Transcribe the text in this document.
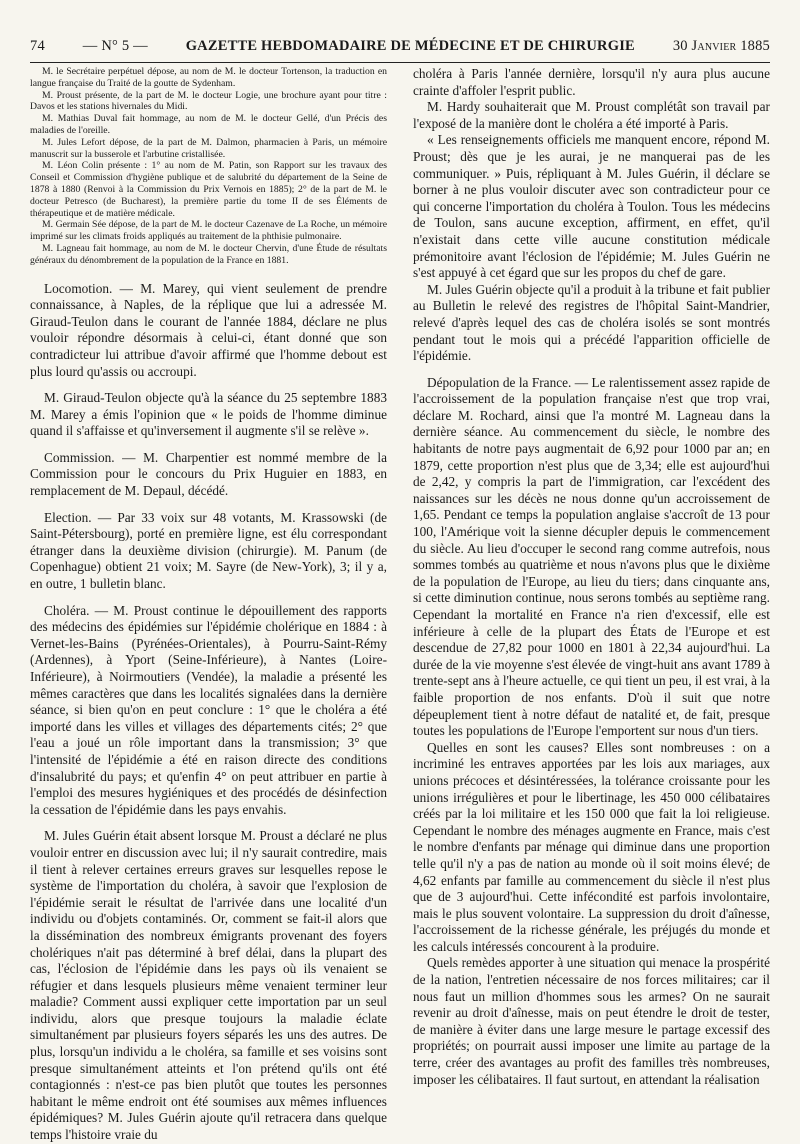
74	— N° 5 —	GAZETTE HEBDOMADAIRE DE MÉDECINE ET DE CHIRURGIE	30 Janvier 1885

M. le Secrétaire perpétuel dépose, au nom de M. le docteur Tortenson, la traduction en langue française du Traité de la goutte de Sydenham.

M. Proust présente, de la part de M. le docteur Logie, une brochure ayant pour titre : Davos et les stations hivernales du Midi.

M. Mathias Duval fait hommage, au nom de M. le docteur Gellé, d'un Précis des maladies de l'oreille.

M. Jules Lefort dépose, de la part de M. Dalmon, pharmacien à Paris, un mémoire manuscrit sur la busserole et l'arbutine cristallisée.

M. Léon Colin présente : 1° au nom de M. Patin, son Rapport sur les travaux des Conseil et Commission d'hygiène publique et de salubrité du département de la Seine de 1878 à 1880 (Renvoi à la Commission du Prix Vernois en 1885); 2° de la part de M. le docteur Petresco (de Bucharest), la première partie du tome II de ses Éléments de thérapeutique et de matière médicale.

M. Germain Sée dépose, de la part de M. le docteur Cazenave de La Roche, un mémoire imprimé sur les climats froids appliqués au traitement de la phthisie pulmonaire.

M. Lagneau fait hommage, au nom de M. le docteur Chervin, d'une Étude de résultats généraux du dénombrement de la population de la France en 1881.

Locomotion. — M. Marey, qui vient seulement de prendre connaissance, à Naples, de la réplique que lui a adressée M. Giraud-Teulon dans le courant de l'année 1884, déclare ne plus vouloir répondre désormais à celui-ci, étant donné que son contradicteur lui attribue d'avoir affirmé que l'homme debout est plus lourd qu'assis ou accroupi.

M. Giraud-Teulon objecte qu'à la séance du 25 septembre 1883 M. Marey a émis l'opinion que « le poids de l'homme diminue quand il s'affaisse et qu'inversement il augmente s'il se relève ».

Commission. — M. Charpentier est nommé membre de la Commission pour le concours du Prix Huguier en 1883, en remplacement de M. Depaul, décédé.

Election. — Par 33 voix sur 48 votants, M. Krassowski (de Saint-Pétersbourg), porté en première ligne, est élu correspondant étranger dans la deuxième division (chirurgie). M. Panum (de Copenhague) obtient 21 voix; M. Sayre (de New-York), 3; il y a, en outre, 1 bulletin blanc.

Choléra. — M. Proust continue le dépouillement des rapports des médecins des épidémies sur l'épidémie cholérique en 1884 : à Vernet-les-Bains (Pyrénées-Orientales), à Pourru-Saint-Rémy (Ardennes), à Yport (Seine-Inférieure), à Nantes (Loire-Inférieure), à Noirmoutiers (Vendée), la maladie a présenté les mêmes caractères que dans les localités signalées dans la dernière séance, si bien qu'on en peut conclure : 1° que le choléra a été importé dans les villes et villages des départements cités; 2° que l'eau a joué un rôle important dans la transmission; 3° que l'intensité de l'épidémie a été en raison directe des conditions d'insalubrité du pays; et qu'enfin 4° on peut attribuer en partie à l'emploi des mesures hygiéniques et des procédés de désinfection la cessation de l'épidémie dans les pays envahis.

M. Jules Guérin était absent lorsque M. Proust a déclaré ne plus vouloir entrer en discussion avec lui; il n'y saurait contredire, mais il tient à relever certaines erreurs graves sur lesquelles repose le système de l'importation du choléra, à savoir que l'explosion de l'épidémie serait le résultat de l'arrivée dans une localité d'un individu ou d'objets contaminés. Or, comment se fait-il alors que la dissémination des nombreux émigrants provenant des foyers cholériques n'ait pas déterminé à bref délai, dans la plupart des cas, l'éclosion de l'épidémie dans les pays où ils venaient se réfugier et dans lesquels plusieurs même venaient terminer leur maladie? Comment aussi expliquer cette importation par un seul individu, alors que presque toujours la maladie éclate simultanément par plusieurs foyers séparés les uns des autres. De plus, lorsqu'un individu a le choléra, sa famille et ses voisins sont presque simultanément atteints et l'on prétend qu'ils ont été contagionnés : n'est-ce pas bien plutôt que toutes les personnes habitant le même endroit ont été soumises aux mêmes influences épidémiques? M. Jules Guérin ajoute qu'il retracera dans quelque temps l'histoire vraie du

choléra à Paris l'année dernière, lorsqu'il n'y aura plus aucune crainte d'affoler l'esprit public.

M. Hardy souhaiterait que M. Proust complétât son travail par l'exposé de la manière dont le choléra a été importé à Paris.

« Les renseignements officiels me manquent encore, répond M. Proust; dès que je les aurai, je ne manquerai pas de les communiquer. » Puis, répliquant à M. Jules Guérin, il déclare se borner à ne plus vouloir discuter avec son contradicteur pour ce qui concerne l'importation du choléra à Toulon. Tous les médecins de Toulon, sans aucune exception, affirment, en effet, qu'il n'existait dans cette ville aucune constitution médicale prémonitoire avant l'éclosion de l'épidémie; M. Jules Guérin ne s'est appuyé à cet égard que sur les propos du chef de gare.

M. Jules Guérin objecte qu'il a produit à la tribune et fait publier au Bulletin le relevé des registres de l'hôpital Saint-Mandrier, relevé d'après lequel des cas de choléra isolés se sont montrés pendant tout le mois qui a précédé l'apparition officielle de l'épidémie.

Dépopulation de la France. — Le ralentissement assez rapide de l'accroissement de la population française n'est que trop vrai, déclare M. Rochard, ainsi que l'a montré M. Lagneau dans la dernière séance. Au commencement du siècle, le nombre des habitants de notre pays augmentait de 6,92 pour 1000 par an; en 1879, cette proportion n'est plus que de 3,34; elle est aujourd'hui de 2,42, y compris la part de l'immigration, car l'excédent des naissances sur les décès ne nous donne qu'un accroissement de 1,65. Pendant ce temps la population anglaise s'accroît de 13 pour 100, l'Amérique voit la sienne décupler depuis le commencement du siècle. Au lieu d'occuper le second rang comme autrefois, nous sommes tombés au quatrième et nous n'avons plus que le dixième de la population de l'Europe, au lieu du tiers; dans cinquante ans, si cette diminution continue, nous serons tombés au septième rang. Cependant la mortalité en France n'a rien d'excessif, elle est inférieure à celle de la plupart des États de l'Europe et est descendue de 27,82 pour 1000 en 1801 à 22,34 aujourd'hui. La durée de la vie moyenne s'est élevée de vingt-huit ans avant 1789 à trente-sept ans à l'heure actuelle, ce qui tient un peu, il est vrai, à la faible proportion de nos enfants. D'où il suit que notre dépeuplement tient à notre défaut de natalité et, de fait, presque toutes les populations de l'Europe l'emportent sur nous d'un tiers.

Quelles en sont les causes? Elles sont nombreuses : on a incriminé les entraves apportées par les lois aux mariages, aux unions précoces et désintéressées, la tolérance croissante pour les unions irrégulières et pour le libertinage, les 450 000 célibataires créés par la loi militaire et les 150 000 que fait la loi religieuse. Cependant le nombre des ménages augmente en France, mais c'est le nombre d'enfants par ménage qui diminue dans une proportion telle qu'il n'y a pas de nation au monde où il soit moins élevé; de 4,62 enfants par famille au commencement du siècle il n'est plus que de 3 aujourd'hui. Cette infécondité est parfois involontaire, mais le plus souvent volontaire. La suppression du droit d'aînesse, l'accroissement de la richesse générale, les préjugés du monde et les calculs intéressés concourent à la produire.

Quels remèdes apporter à une situation qui menace la prospérité de la nation, l'entretien nécessaire de nos forces militaires; car il nous faut un million d'hommes sous les armes? On ne saurait revenir au droit d'aînesse, mais on peut étendre le droit de tester, de manière à éviter dans une large mesure le partage excessif des propriétés; on pourrait aussi imposer une limite au partage de la terre, créer des avantages au profit des familles très nombreuses, imposer les célibataires. Il faut surtout, en attendant la réalisation
